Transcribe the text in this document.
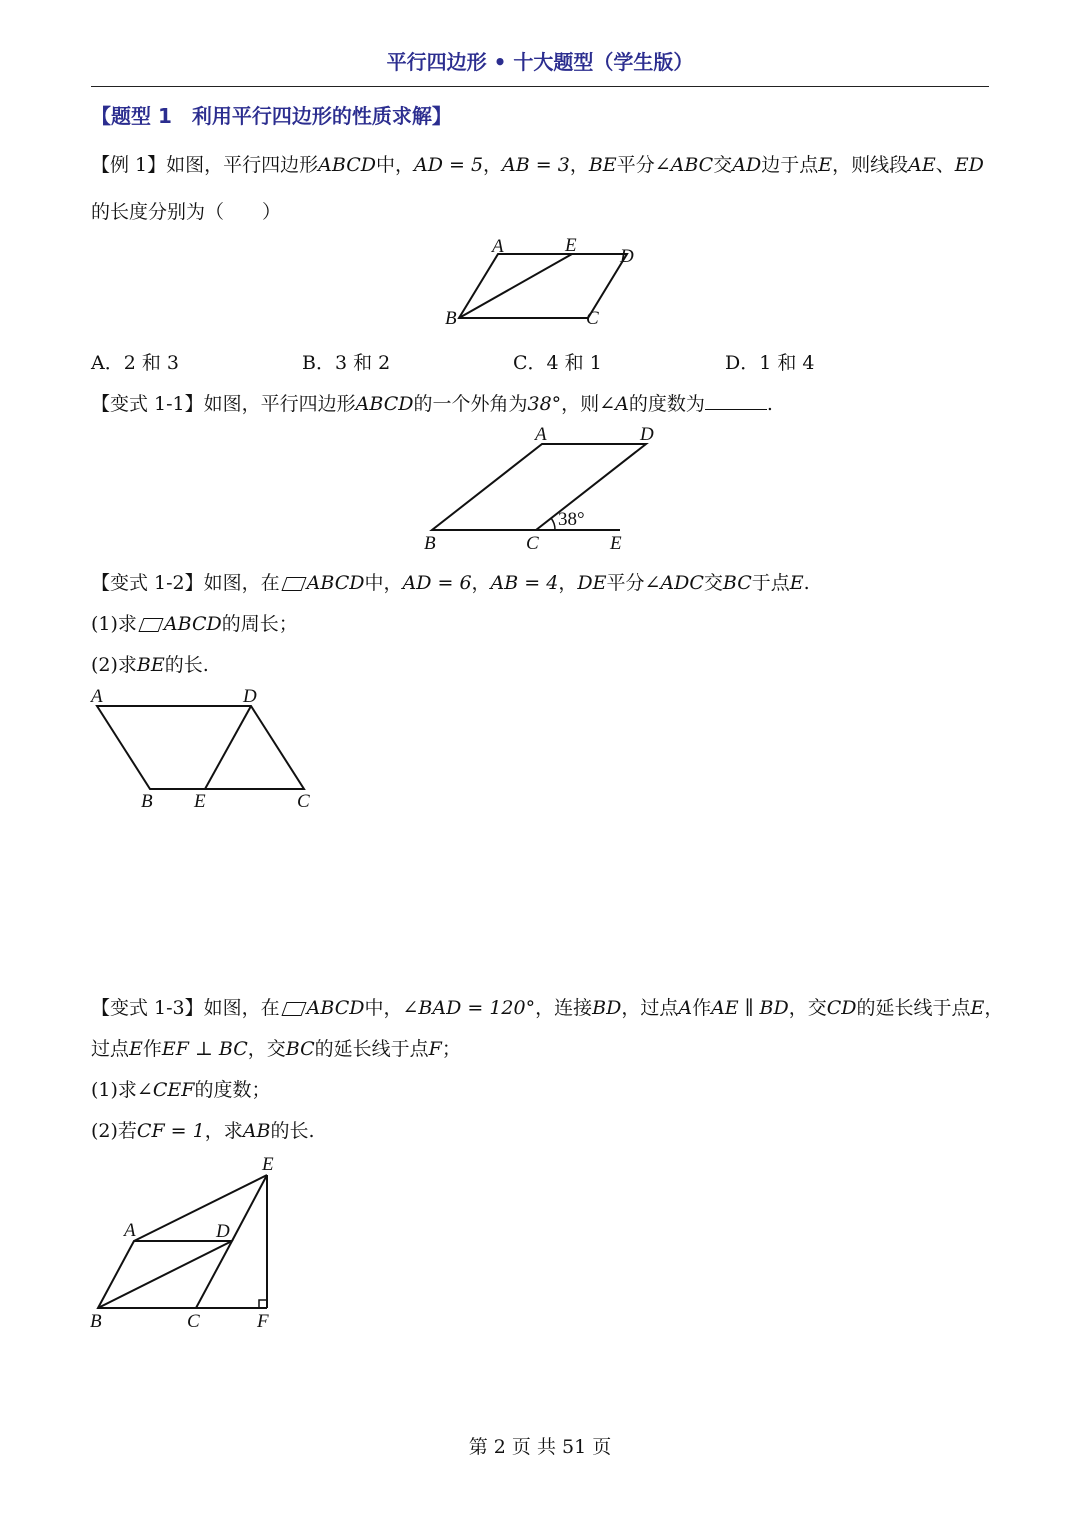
平行四边形 • 十大题型（学生版）
【题型 1　利用平行四边形的性质求解】
【例 1】如图，平行四边形ABCD中，AD = 5，AB = 3，BE平分∠ABC交AD边于点E，则线段AE、ED
的长度分别为（　　）
A	E
D
B	C
A．2 和 3	B．3 和 2	C．4 和 1	D．1 和 4
【变式 1-1】如图，平行四边形ABCD的一个外角为38°，则∠A的度数为	.
38°
A	D
B	C	E
【变式 1-2】如图，在 ABCD中，AD = 6，AB = 4，DE平分∠ADC交BC于点E.
(1)求 ABCD的周长；
(2)求BE的长.
A	D
B E	C
【变式 1-3】如图，在 ABCD中，∠BAD = 120°，连接BD，过点A作AE ∥ BD，交CD的延长线于点E，
过点E作EF ⊥ BC，交BC的延长线于点F；
(1)求∠CEF的度数；
(2)若CF = 1，求AB的长.
E
A	D
B	C	F
第 2 页 共 51 页
